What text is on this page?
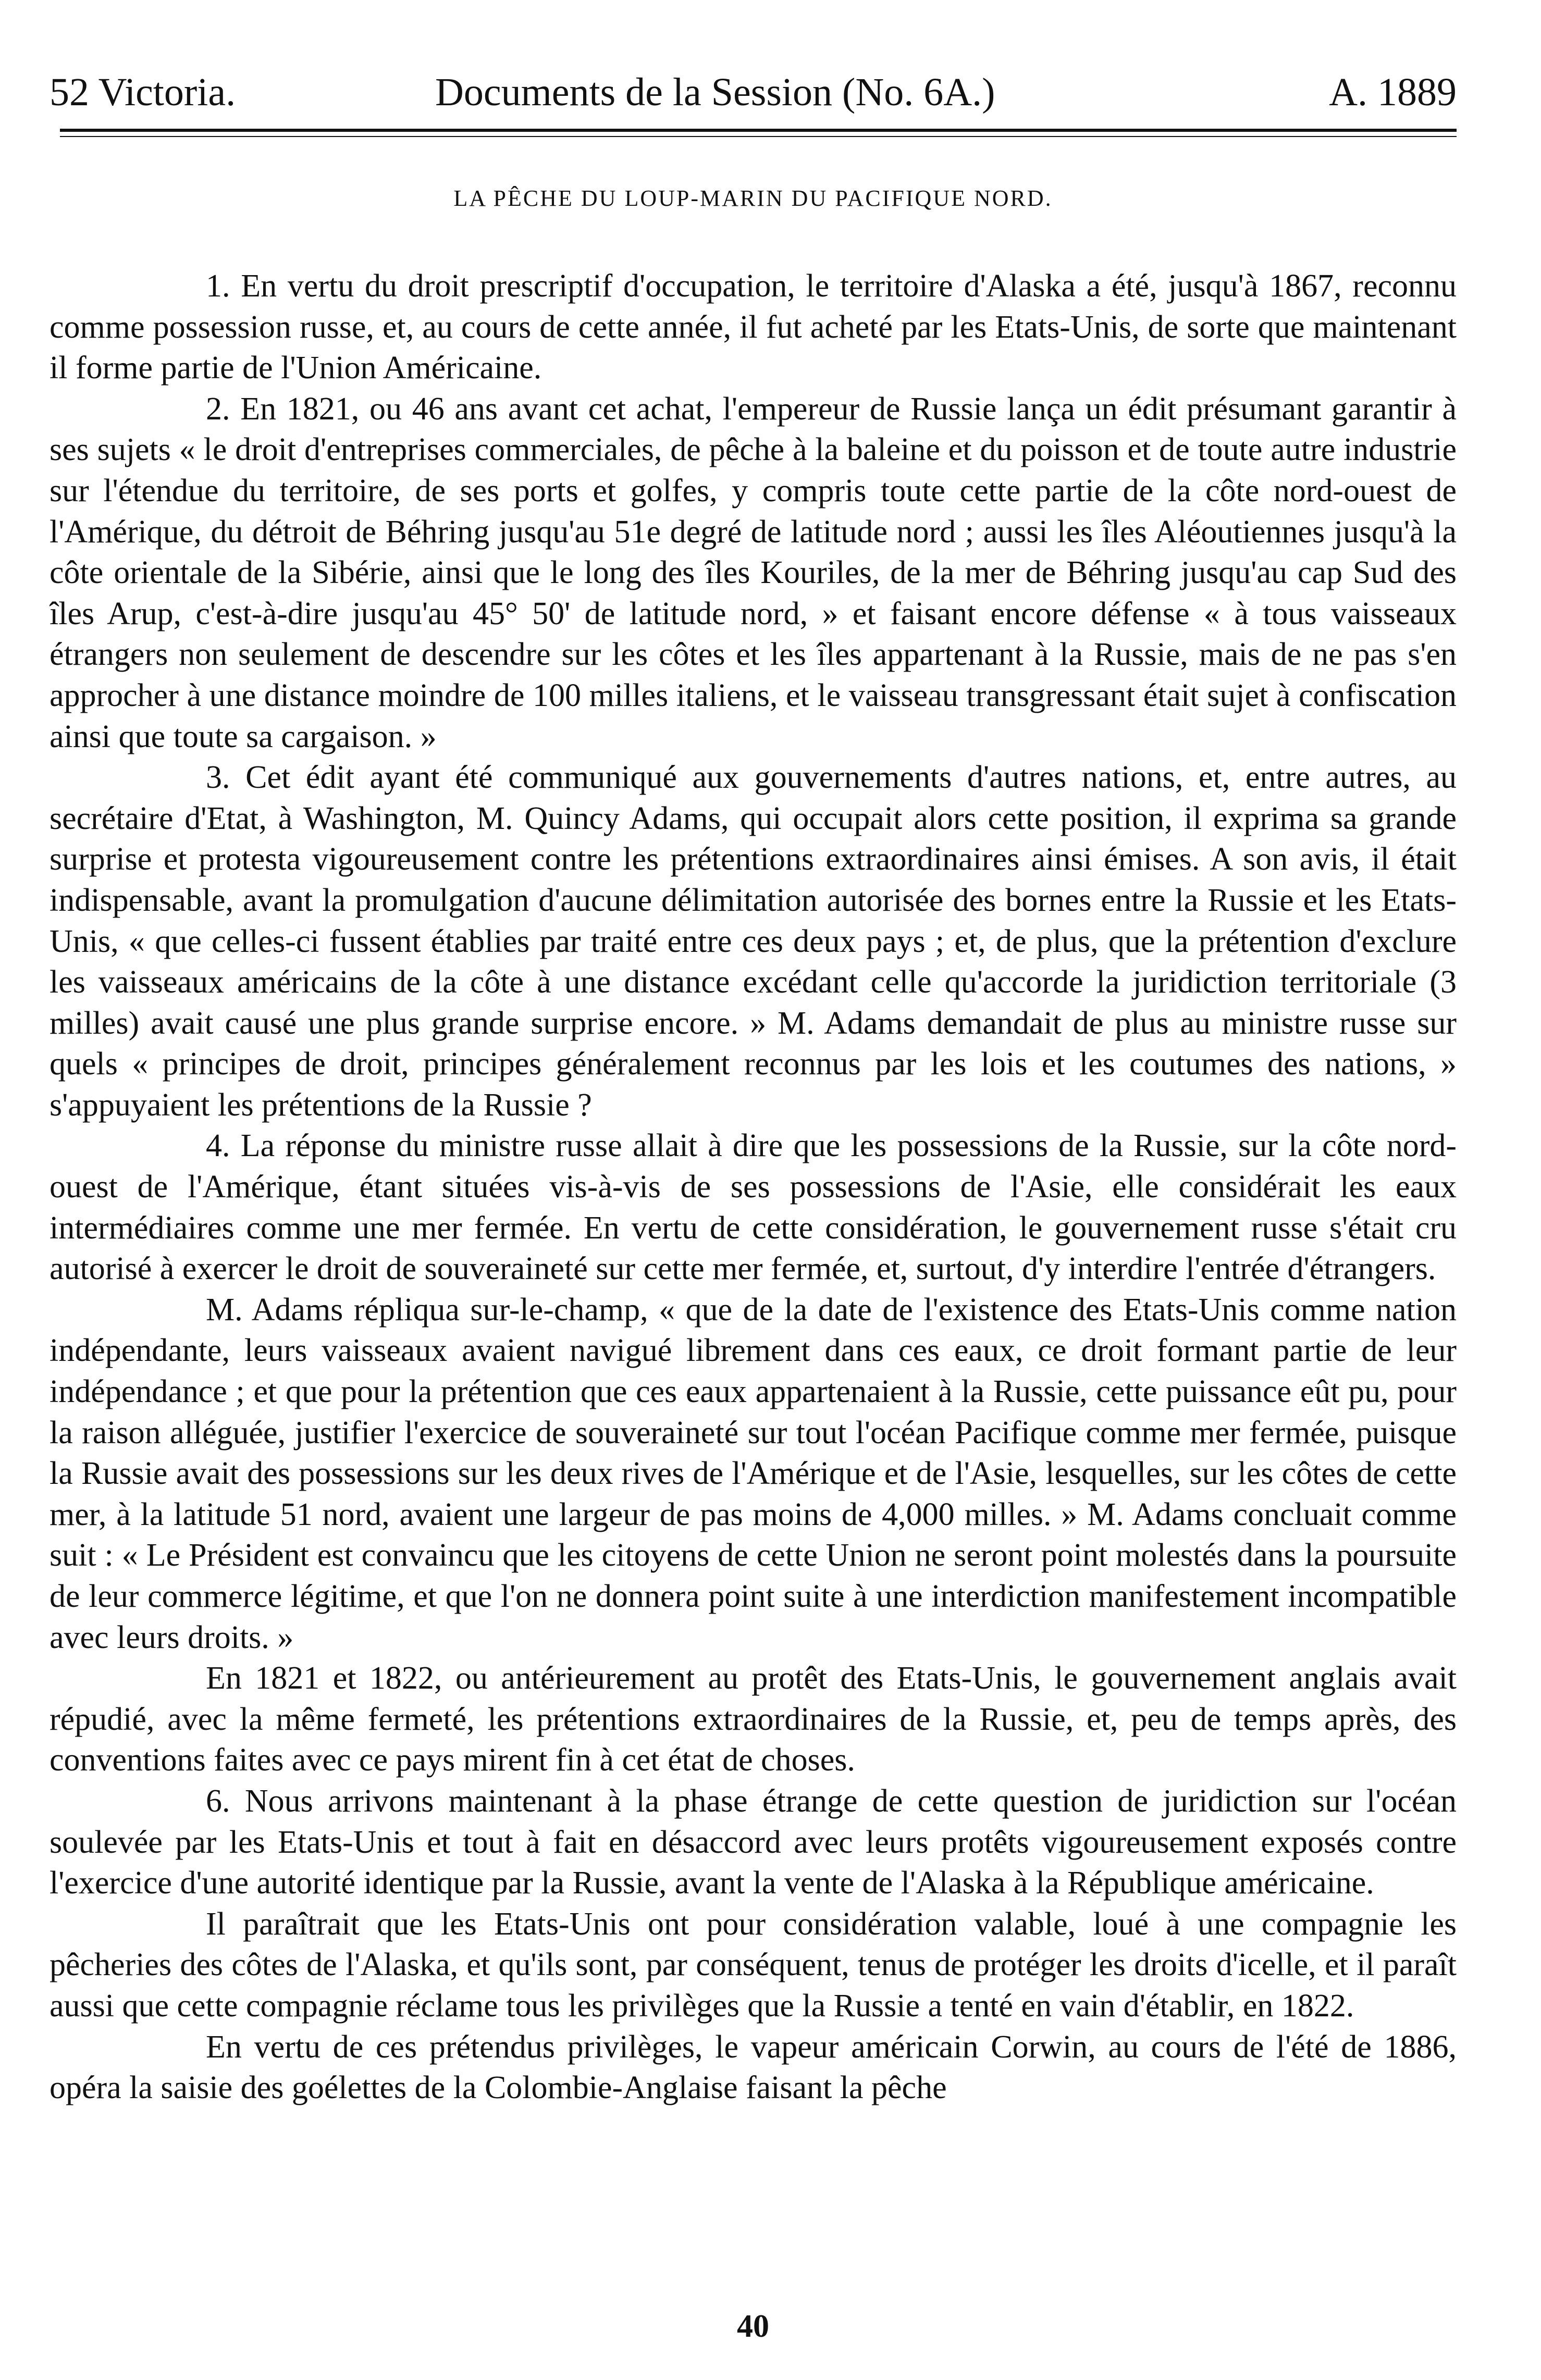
52 Victoria.	Documents de la Session (No. 6A.)	A. 1889
LA PÊCHE DU LOUP-MARIN DU PACIFIQUE NORD.

1. En vertu du droit prescriptif d'occupation, le territoire d'Alaska a été, jusqu'à 1867, reconnu comme possession russe, et, au cours de cette année, il fut acheté par les Etats-Unis, de sorte que maintenant il forme partie de l'Union Américaine.

2. En 1821, ou 46 ans avant cet achat, l'empereur de Russie lança un édit présumant garantir à ses sujets « le droit d'entreprises commerciales, de pêche à la baleine et du poisson et de toute autre industrie sur l'étendue du territoire, de ses ports et golfes, y compris toute cette partie de la côte nord-ouest de l'Amérique, du détroit de Béhring jusqu'au 51e degré de latitude nord ; aussi les îles Aléoutiennes jusqu'à la côte orientale de la Sibérie, ainsi que le long des îles Kouriles, de la mer de Béhring jusqu'au cap Sud des îles Arup, c'est-à-dire jusqu'au 45° 50' de latitude nord, » et faisant encore défense « à tous vaisseaux étrangers non seulement de descendre sur les côtes et les îles appartenant à la Russie, mais de ne pas s'en approcher à une distance moindre de 100 milles italiens, et le vaisseau transgressant était sujet à confiscation ainsi que toute sa cargaison. »

3. Cet édit ayant été communiqué aux gouvernements d'autres nations, et, entre autres, au secrétaire d'Etat, à Washington, M. Quincy Adams, qui occupait alors cette position, il exprima sa grande surprise et protesta vigoureusement contre les prétentions extraordinaires ainsi émises. A son avis, il était indispensable, avant la promulgation d'aucune délimitation autorisée des bornes entre la Russie et les Etats-Unis, « que celles-ci fussent établies par traité entre ces deux pays ; et, de plus, que la prétention d'exclure les vaisseaux américains de la côte à une distance excédant celle qu'accorde la juridiction territoriale (3 milles) avait causé une plus grande surprise encore. » M. Adams demandait de plus au ministre russe sur quels « principes de droit, principes généralement reconnus par les lois et les coutumes des nations, » s'appuyaient les prétentions de la Russie ?

4. La réponse du ministre russe allait à dire que les possessions de la Russie, sur la côte nord-ouest de l'Amérique, étant situées vis-à-vis de ses possessions de l'Asie, elle considérait les eaux intermédiaires comme une mer fermée. En vertu de cette considération, le gouvernement russe s'était cru autorisé à exercer le droit de souveraineté sur cette mer fermée, et, surtout, d'y interdire l'entrée d'étrangers.

M. Adams répliqua sur-le-champ, « que de la date de l'existence des Etats-Unis comme nation indépendante, leurs vaisseaux avaient navigué librement dans ces eaux, ce droit formant partie de leur indépendance ; et que pour la prétention que ces eaux appartenaient à la Russie, cette puissance eût pu, pour la raison alléguée, justifier l'exercice de souveraineté sur tout l'océan Pacifique comme mer fermée, puisque la Russie avait des possessions sur les deux rives de l'Amérique et de l'Asie, lesquelles, sur les côtes de cette mer, à la latitude 51 nord, avaient une largeur de pas moins de 4,000 milles. » M. Adams concluait comme suit : « Le Président est convaincu que les citoyens de cette Union ne seront point molestés dans la poursuite de leur commerce légitime, et que l'on ne donnera point suite à une interdiction manifestement incompatible avec leurs droits. »

En 1821 et 1822, ou antérieurement au protêt des Etats-Unis, le gouvernement anglais avait répudié, avec la même fermeté, les prétentions extraordinaires de la Russie, et, peu de temps après, des conventions faites avec ce pays mirent fin à cet état de choses.

6. Nous arrivons maintenant à la phase étrange de cette question de juridiction sur l'océan soulevée par les Etats-Unis et tout à fait en désaccord avec leurs protêts vigoureusement exposés contre l'exercice d'une autorité identique par la Russie, avant la vente de l'Alaska à la République américaine.

Il paraîtrait que les Etats-Unis ont pour considération valable, loué à une compagnie les pêcheries des côtes de l'Alaska, et qu'ils sont, par conséquent, tenus de protéger les droits d'icelle, et il paraît aussi que cette compagnie réclame tous les privilèges que la Russie a tenté en vain d'établir, en 1822.

En vertu de ces prétendus privilèges, le vapeur américain Corwin, au cours de l'été de 1886, opéra la saisie des goélettes de la Colombie-Anglaise faisant la pêche

40
